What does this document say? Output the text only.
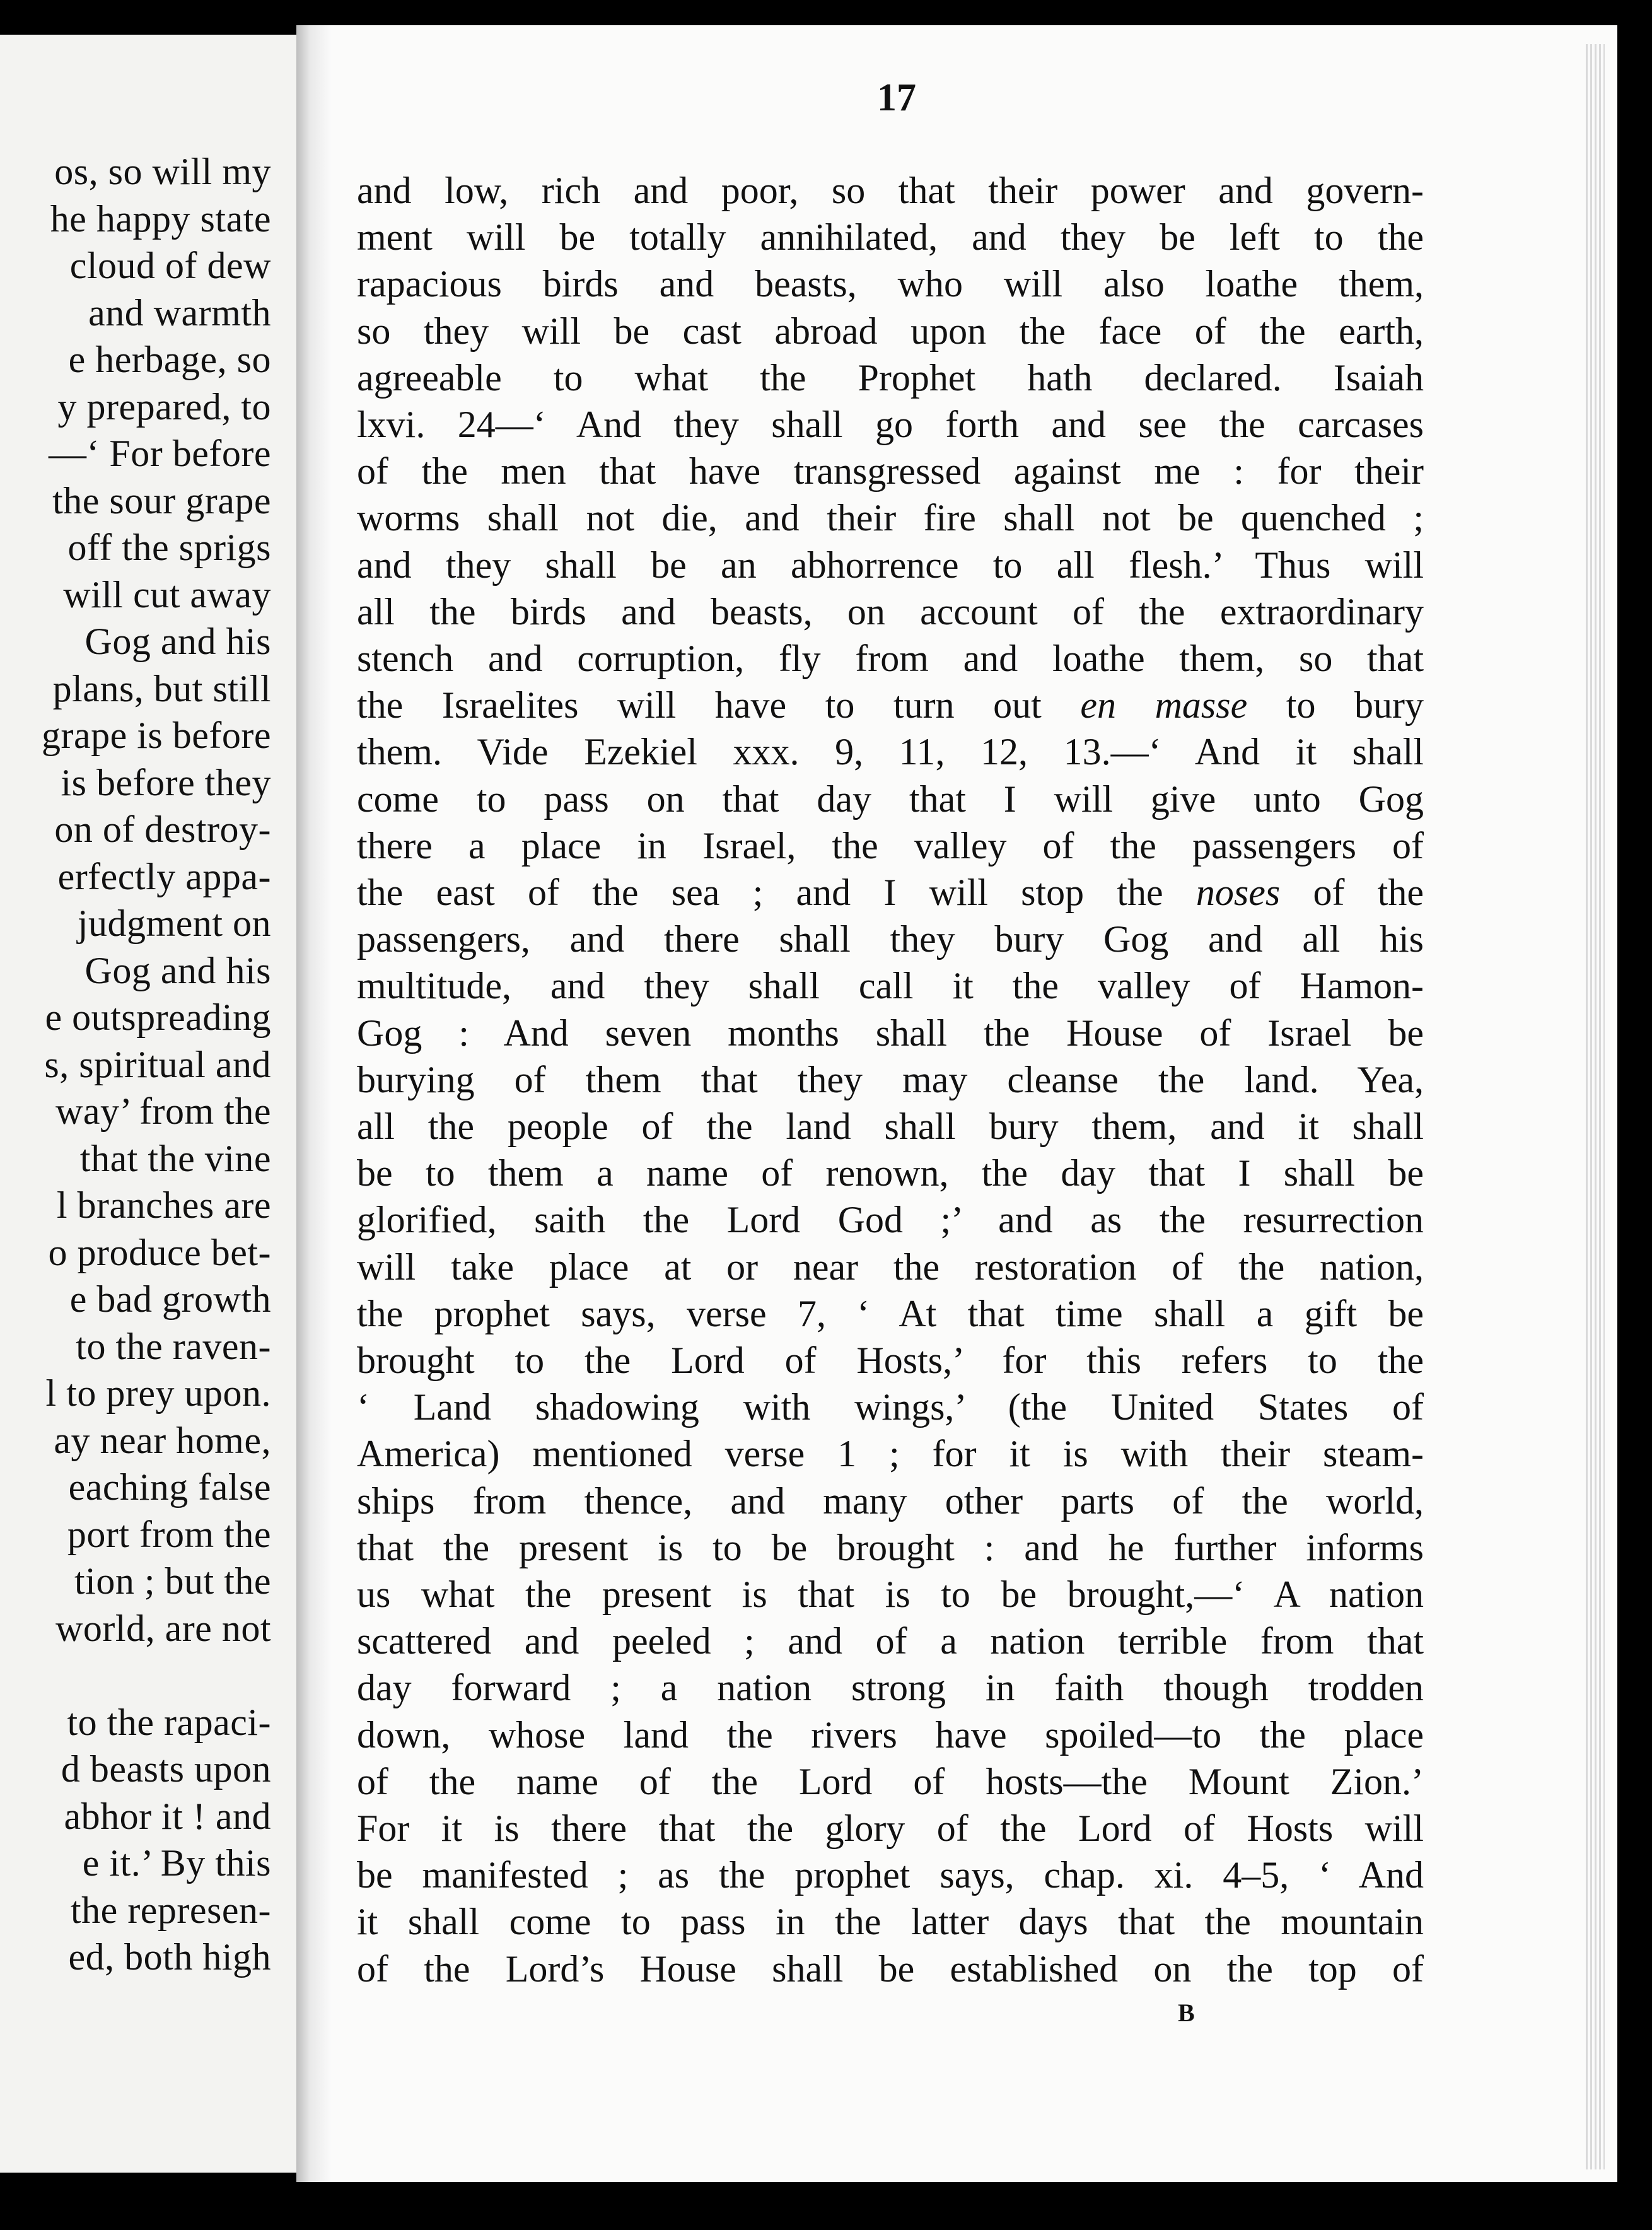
os, so will my
he happy state
cloud of dew
and warmth
e herbage, so
y prepared, to
—‘ For before
the sour grape
off the sprigs
will cut away
Gog and his
plans, but still
grape is before
is before they
on of destroy-
erfectly appa-
judgment on
Gog and his
e outspreading
s, spiritual and
way’ from the
that the vine
l branches are
o produce bet-
e bad growth
to the raven-
l to prey upon.
ay near home,
eaching false
port from the
tion ; but the
world, are not
to the rapaci-
d beasts upon
abhor it ! and
e it.’ By this
the represen-
ed, both high
17
and low, rich and poor, so that their power and govern-
ment will be totally annihilated, and they be left to the
rapacious birds and beasts, who will also loathe them,
so they will be cast abroad upon the face of the earth,
agreeable to what the Prophet hath declared. Isaiah
lxvi. 24—‘ And they shall go forth and see the carcases
of the men that have transgressed against me : for their
worms shall not die, and their fire shall not be quenched ;
and they shall be an abhorrence to all flesh.’ Thus will
all the birds and beasts, on account of the extraordinary
stench and corruption, fly from and loathe them, so that
the Israelites will have to turn out en masse to bury
them. Vide Ezekiel xxx. 9, 11, 12, 13.—‘ And it shall
come to pass on that day that I will give unto Gog
there a place in Israel, the valley of the passengers of
the east of the sea ; and I will stop the noses of the
passengers, and there shall they bury Gog and all his
multitude, and they shall call it the valley of Hamon-
Gog : And seven months shall the House of Israel be
burying of them that they may cleanse the land. Yea,
all the people of the land shall bury them, and it shall
be to them a name of renown, the day that I shall be
glorified, saith the Lord God ;’ and as the resurrection
will take place at or near the restoration of the nation,
the prophet says, verse 7, ‘ At that time shall a gift be
brought to the Lord of Hosts,’ for this refers to the
‘ Land shadowing with wings,’ (the United States of
America) mentioned verse 1 ; for it is with their steam-
ships from thence, and many other parts of the world,
that the present is to be brought : and he further informs
us what the present is that is to be brought,—‘ A nation
scattered and peeled ; and of a nation terrible from that
day forward ; a nation strong in faith though trodden
down, whose land the rivers have spoiled—to the place
of the name of the Lord of hosts—the Mount Zion.’
For it is there that the glory of the Lord of Hosts will
be manifested ; as the prophet says, chap. xi. 4–5, ‘ And
it shall come to pass in the latter days that the mountain
of the Lord’s House shall be established on the top of
B
